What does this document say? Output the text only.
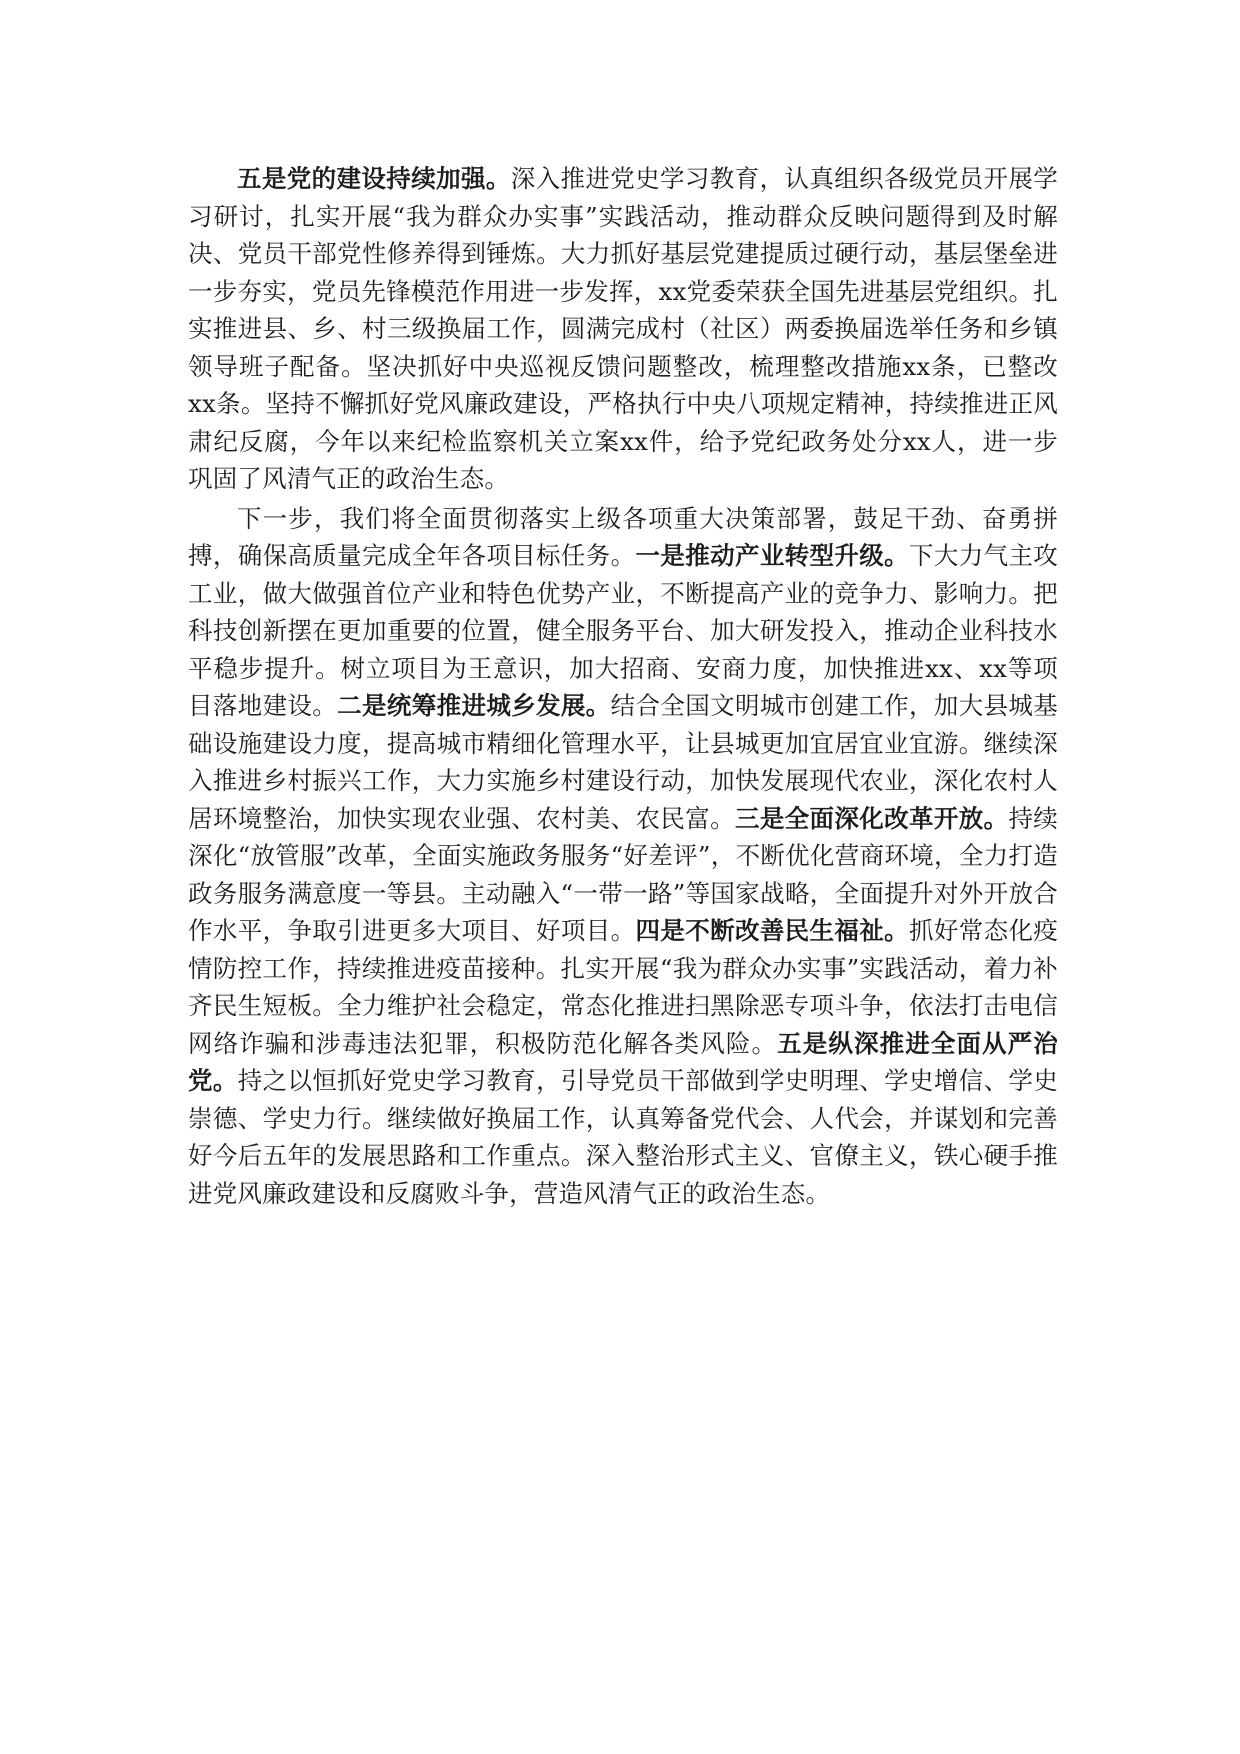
五是党的建设持续加强。深入推进党史学习教育，认真组织各级党员开展学习研讨，扎实开展“我为群众办实事”实践活动，推动群众反映问题得到及时解决、党员干部党性修养得到锤炼。大力抓好基层党建提质过硬行动，基层堡垒进一步夯实，党员先锋模范作用进一步发挥，xx党委荣获全国先进基层党组织。扎实推进县、乡、村三级换届工作，圆满完成村（社区）两委换届选举任务和乡镇领导班子配备。坚决抓好中央巡视反馈问题整改，梳理整改措施xx条，已整改xx条。坚持不懈抓好党风廉政建设，严格执行中央八项规定精神，持续推进正风肃纪反腐，今年以来纪检监察机关立案xx件，给予党纪政务处分xx人，进一步巩固了风清气正的政治生态。

下一步，我们将全面贯彻落实上级各项重大决策部署，鼓足干劲、奋勇拼搏，确保高质量完成全年各项目标任务。一是推动产业转型升级。下大力气主攻工业，做大做强首位产业和特色优势产业，不断提高产业的竞争力、影响力。把科技创新摆在更加重要的位置，健全服务平台、加大研发投入，推动企业科技水平稳步提升。树立项目为王意识，加大招商、安商力度，加快推进xx、xx等项目落地建设。二是统筹推进城乡发展。结合全国文明城市创建工作，加大县城基础设施建设力度，提高城市精细化管理水平，让县城更加宜居宜业宜游。继续深入推进乡村振兴工作，大力实施乡村建设行动，加快发展现代农业，深化农村人居环境整治，加快实现农业强、农村美、农民富。三是全面深化改革开放。持续深化“放管服”改革，全面实施政务服务“好差评”，不断优化营商环境，全力打造政务服务满意度一等县。主动融入“一带一路”等国家战略，全面提升对外开放合作水平，争取引进更多大项目、好项目。四是不断改善民生福祉。抓好常态化疫情防控工作，持续推进疫苗接种。扎实开展“我为群众办实事”实践活动，着力补齐民生短板。全力维护社会稳定，常态化推进扫黑除恶专项斗争，依法打击电信网络诈骗和涉毒违法犯罪，积极防范化解各类风险。五是纵深推进全面从严治党。持之以恒抓好党史学习教育，引导党员干部做到学史明理、学史增信、学史崇德、学史力行。继续做好换届工作，认真筹备党代会、人代会，并谋划和完善好今后五年的发展思路和工作重点。深入整治形式主义、官僚主义，铁心硬手推进党风廉政建设和反腐败斗争，营造风清气正的政治生态。
